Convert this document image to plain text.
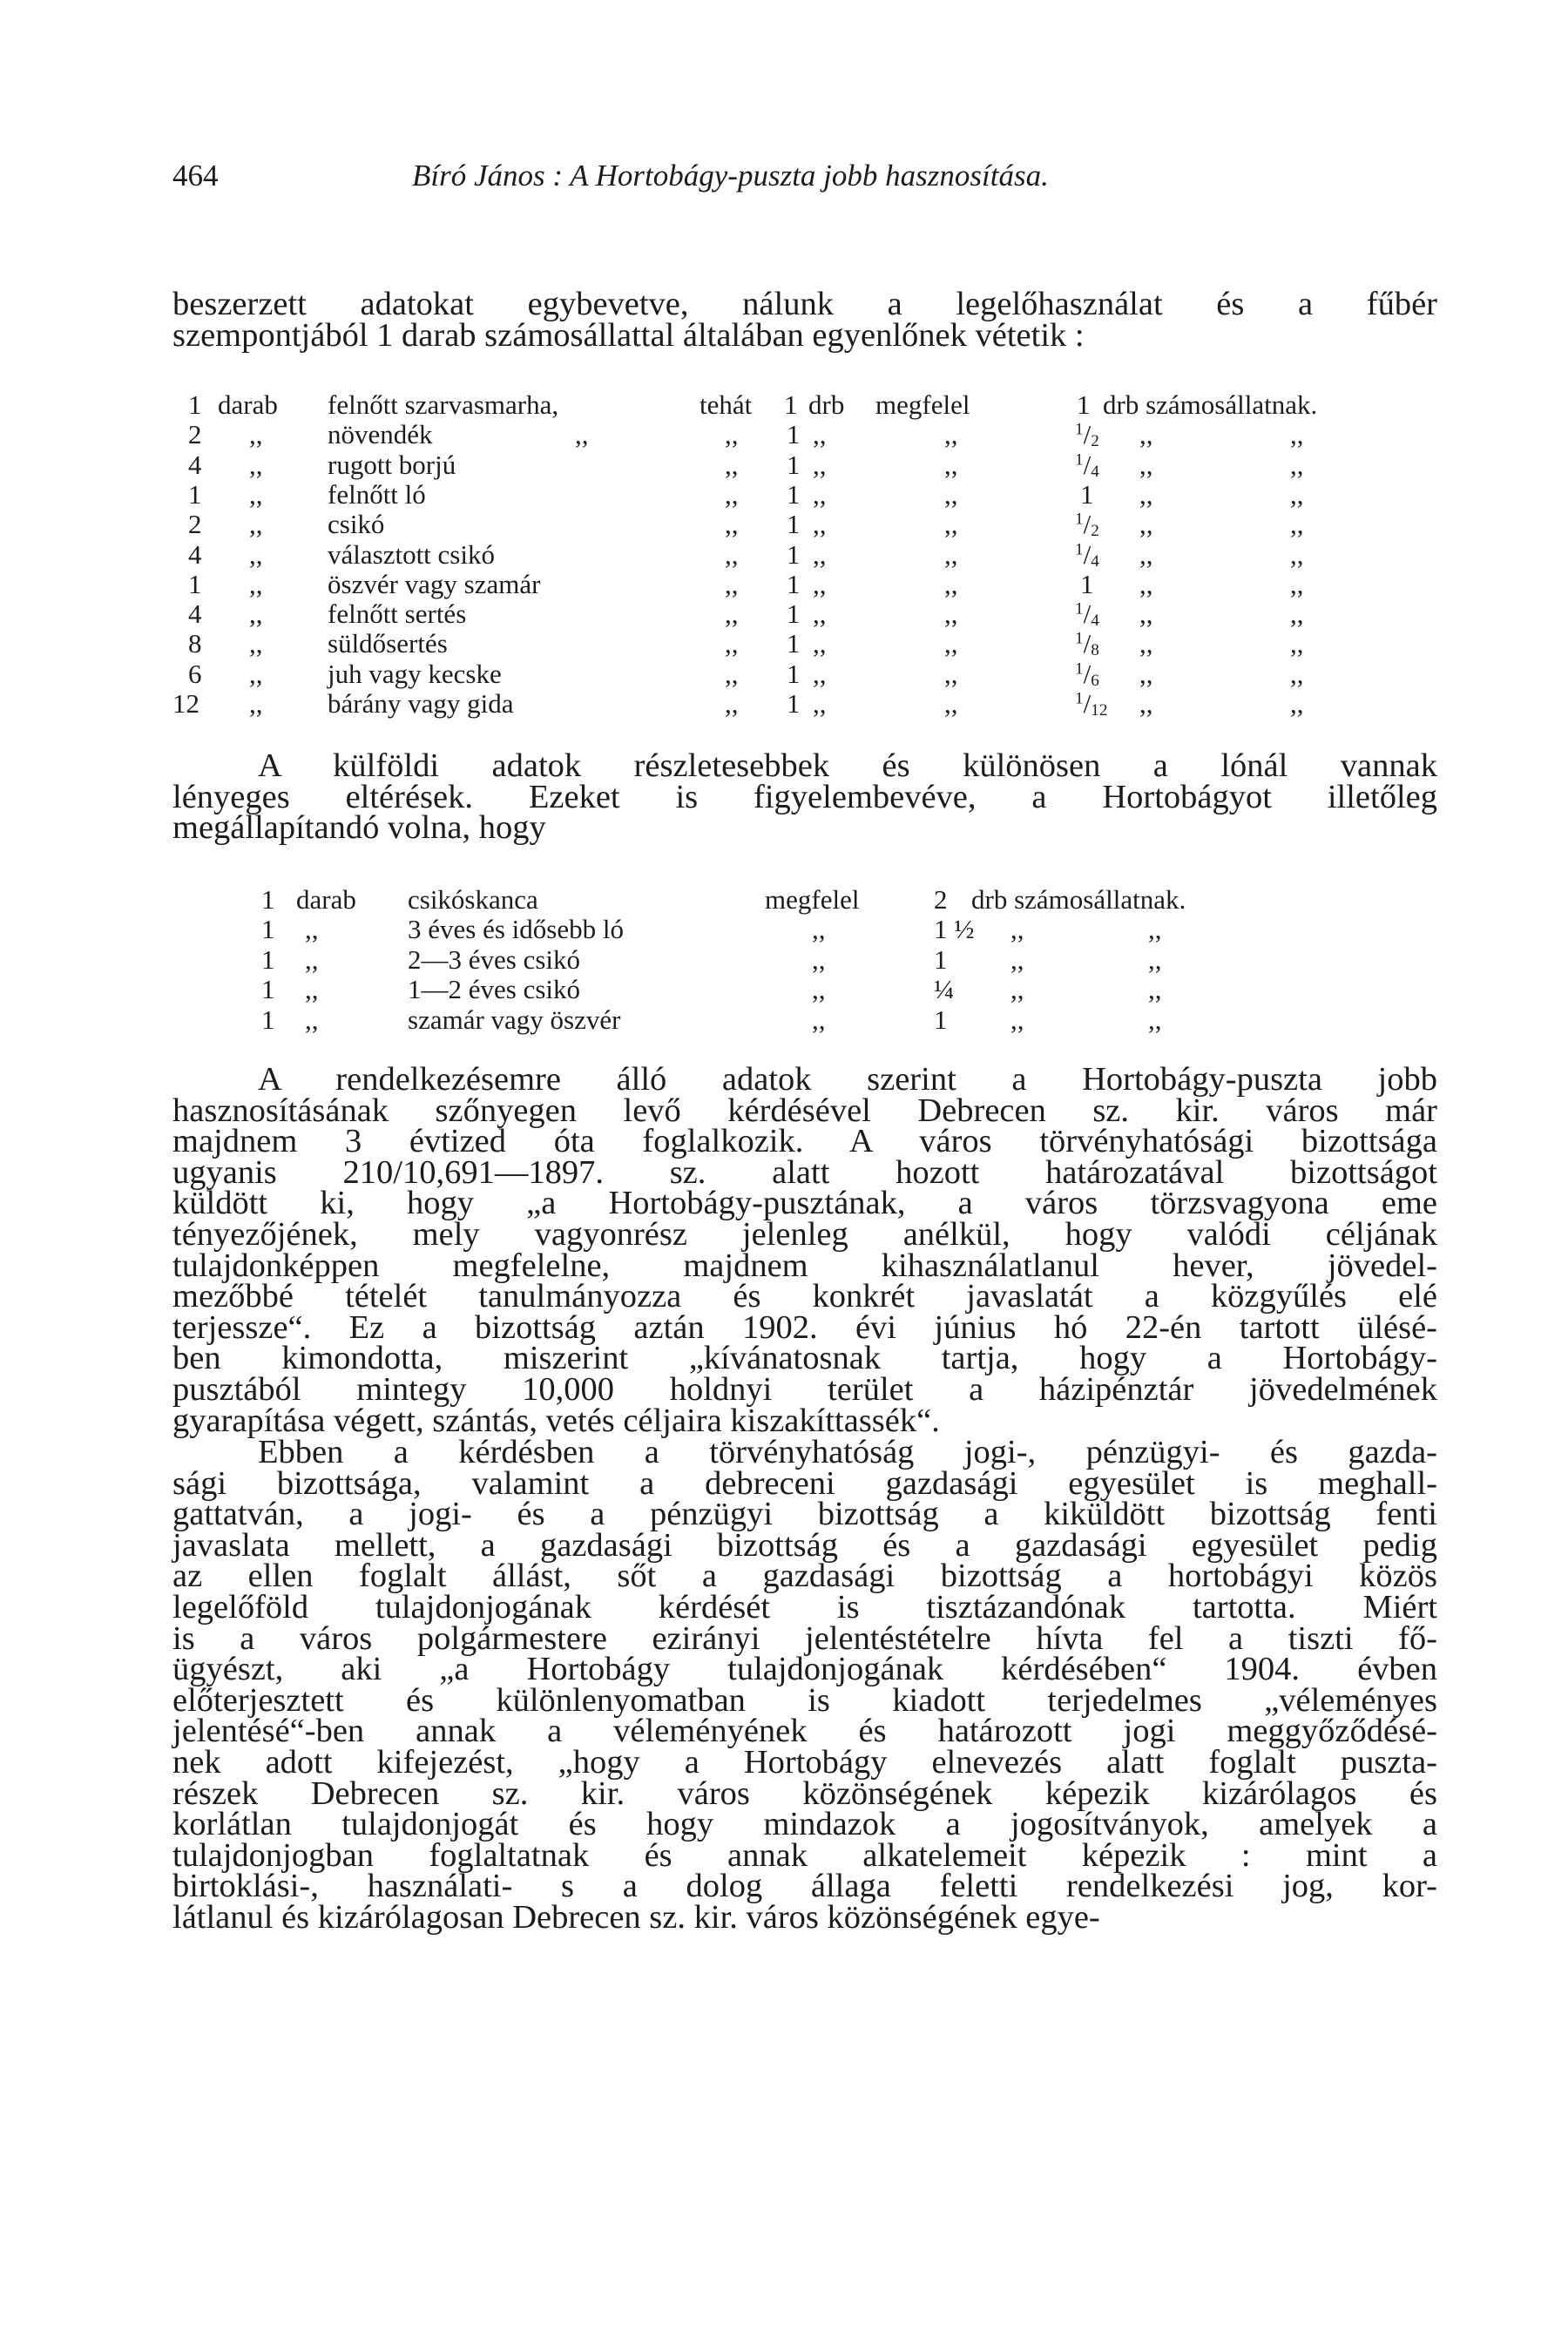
464	Bíró János : A Hortobágy-puszta jobb hasznosítása.
beszerzett adatokat egybevetve, nálunk a legelőhasználat és a fűbér
szempontjából 1 darab számosállattal általában egyenlőnek vétetik :
1 darab felnőtt szarvasmarha,	tehát 1 drb megfelel	1 drb számosállatnak.
2 ,, növendék	,,	,, 1 ,,	,,	$^1/_2$ ,,	,,
4 ,, rugott borjú	,, 1 ,,	,,	$^1/_4$ ,,	,,
1 ,, felnőtt ló	,, 1 ,,	,,	1 ,,	,,
2 ,, csikó	,, 1 ,,	,,	$^1/_2$ ,,	,,
4 ,, választott csikó	,, 1 ,,	,,	$^1/_4$ ,,	,,
1 ,, öszvér vagy szamár	,, 1 ,,	,,	1 ,,	,,
4 ,, felnőtt sertés	,, 1 ,,	,,	$^1/_4$ ,,	,,
8 ,, süldősertés	,, 1 ,,	,,	$^1/_8$ ,,	,,
6 ,, juh vagy kecske	,, 1 ,,	,,	$^1/_6$ ,,	,,
12 ,, bárány vagy gida	,, 1 ,,	,,	$^1/_{12}$ ,,	,,
A külföldi adatok részletesebbek és különösen a lónál vannak
lényeges eltérések. Ezeket is figyelembevéve, a Hortobágyot illetőleg
megállapítandó volna, hogy
1 darab csikóskanca	megfelel	2 drb számosállatnak.
1 ,,	3 éves és idősebb ló	,,	1 ½ ,,	,,
1 ,,	2—3 éves csikó	,,	1 ,,	,,
1 ,,	1—2 éves csikó	,,	¼ ,,	,,
1 ,,	szamár vagy öszvér	,,	1 ,,	,,
A rendelkezésemre álló adatok szerint a Hortobágy-puszta jobb
hasznosításának szőnyegen levő kérdésével Debrecen sz. kir. város már
majdnem 3 évtized óta foglalkozik. A város törvényhatósági bizottsága
ugyanis 210/10,691—1897. sz. alatt hozott határozatával bizottságot
küldött ki, hogy „a Hortobágy-pusztának, a város törzsvagyona eme
tényezőjének, mely vagyonrész jelenleg anélkül, hogy valódi céljának
tulajdonképpen megfelelne, majdnem kihasználatlanul hever, jövedel-
mezőbbé tételét tanulmányozza és konkrét javaslatát a közgyűlés elé
terjessze“. Ez a bizottság aztán 1902. évi június hó 22-én tartott ülésé-
ben kimondotta, miszerint „kívánatosnak tartja, hogy a Hortobágy-
pusztából mintegy 10,000 holdnyi terület a házipénztár jövedelmének
gyarapítása végett, szántás, vetés céljaira kiszakíttassék“.
Ebben a kérdésben a törvényhatóság jogi-, pénzügyi- és gazda-
sági bizottsága, valamint a debreceni gazdasági egyesület is meghall-
gattatván, a jogi- és a pénzügyi bizottság a kiküldött bizottság fenti
javaslata mellett, a gazdasági bizottság és a gazdasági egyesület pedig
az ellen foglalt állást, sőt a gazdasági bizottság a hortobágyi közös
legelőföld tulajdonjogának kérdését is tisztázandónak tartotta. Miért
is a város polgármestere ezirányi jelentéstételre hívta fel a tiszti fő-
ügyészt, aki „a Hortobágy tulajdonjogának kérdésében“ 1904. évben
előterjesztett és különlenyomatban is kiadott terjedelmes „véleményes
jelentésé“-ben annak a véleményének és határozott jogi meggyőződésé-
nek adott kifejezést, „hogy a Hortobágy elnevezés alatt foglalt puszta-
részek Debrecen sz. kir. város közönségének képezik kizárólagos és
korlátlan tulajdonjogát és hogy mindazok a jogosítványok, amelyek a
tulajdonjogban foglaltatnak és annak alkatelemeit képezik : mint a
birtoklási-, használati- s a dolog állaga feletti rendelkezési jog, kor-
látlanul és kizárólagosan Debrecen sz. kir. város közönségének egye-
